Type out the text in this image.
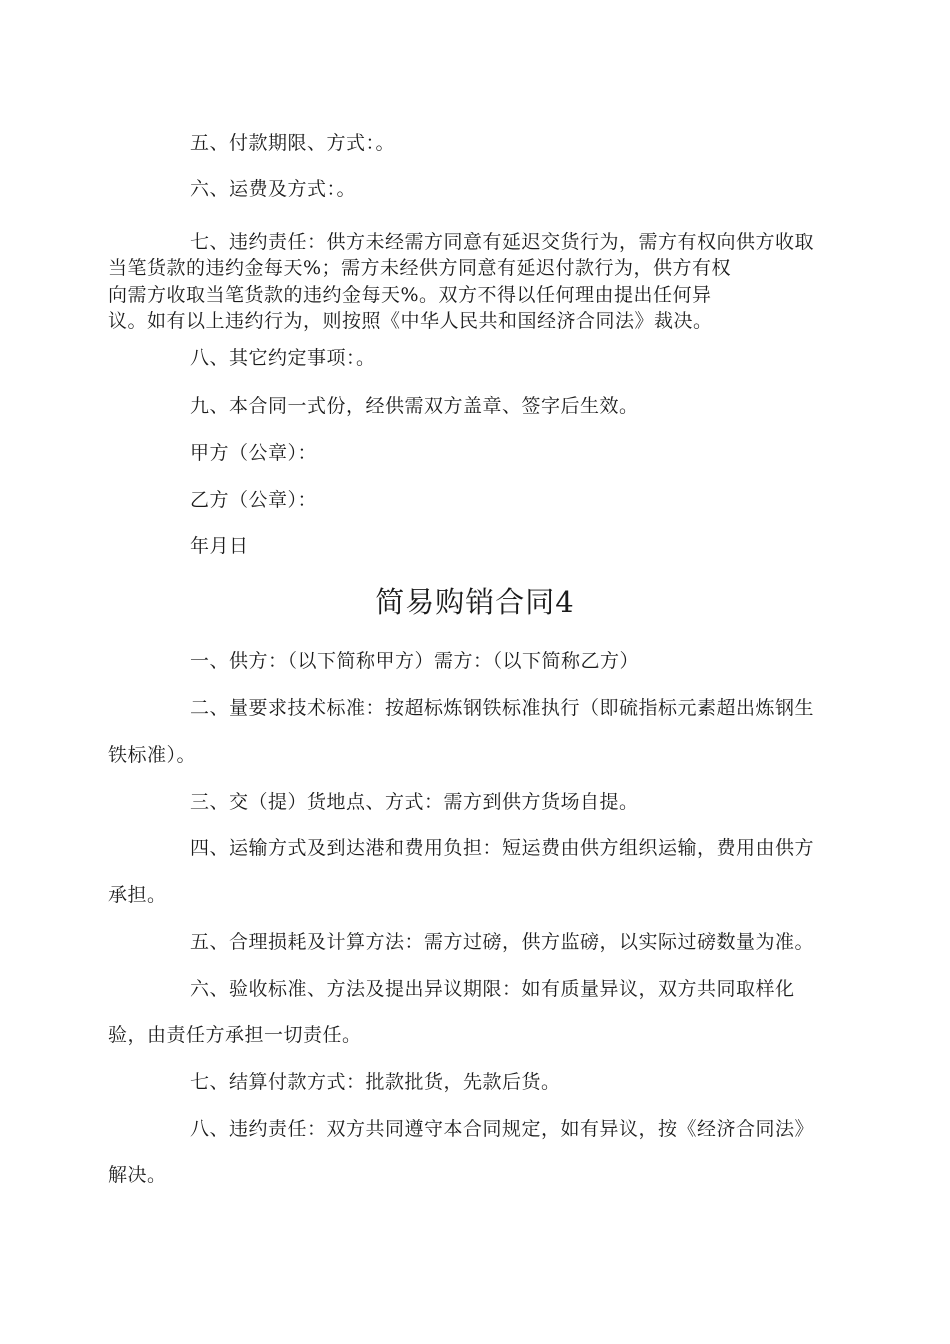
五、付款期限、方式：。
六、运费及方式：。
七、违约责任：供方未经需方同意有延迟交货行为，需方有权向供方收取
当笔货款的违约金每天%；需方未经供方同意有延迟付款行为，供方有权
向需方收取当笔货款的违约金每天%。双方不得以任何理由提出任何异
议。如有以上违约行为，则按照《中华人民共和国经济合同法》裁决。
八、其它约定事项：。
九、本合同一式份，经供需双方盖章、签字后生效。
甲方（公章）：
乙方（公章）：
年月日
简易购销合同4
一、供方：（以下简称甲方）需方：（以下简称乙方）
二、量要求技术标准：按超标炼钢铁标准执行（即硫指标元素超出炼钢生
铁标准）。
三、交（提）货地点、方式：需方到供方货场自提。
四、运输方式及到达港和费用负担：短运费由供方组织运输，费用由供方
承担。
五、合理损耗及计算方法：需方过磅，供方监磅，以实际过磅数量为准。
六、验收标准、方法及提出异议期限：如有质量异议，双方共同取样化
验，由责任方承担一切责任。
七、结算付款方式：批款批货，先款后货。
八、违约责任：双方共同遵守本合同规定，如有异议，按《经济合同法》
解决。
